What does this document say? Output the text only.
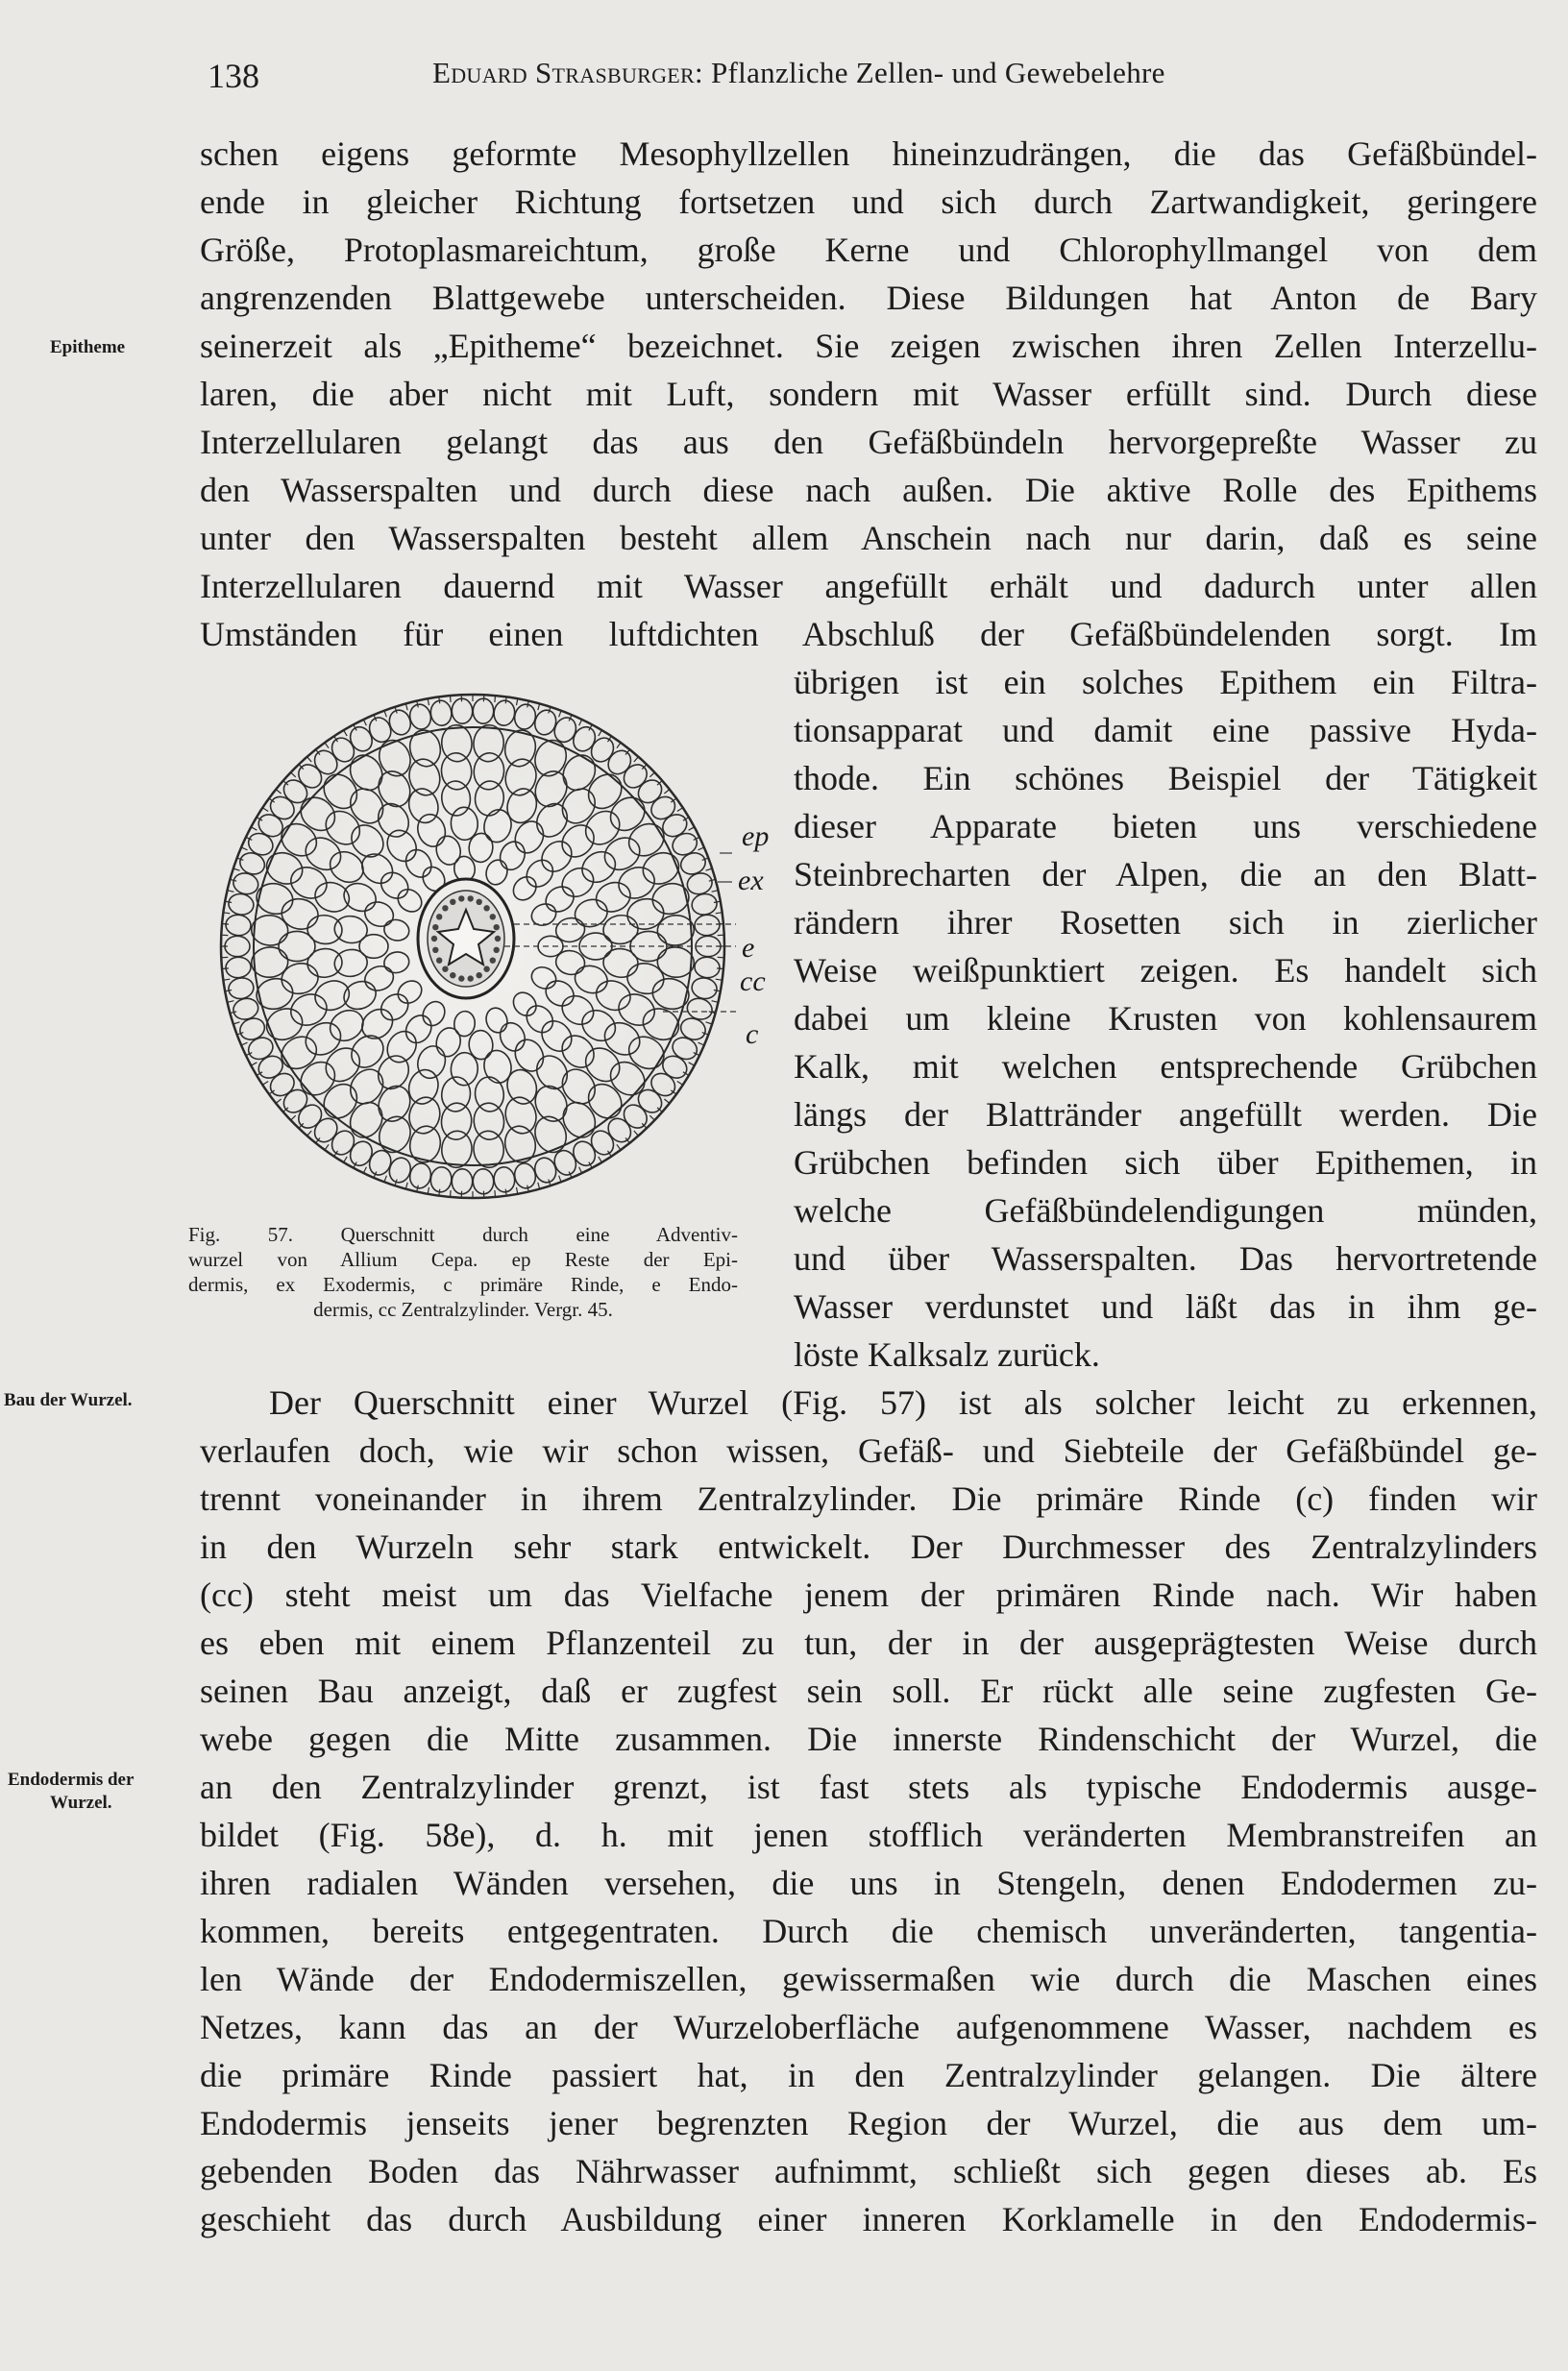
138	Eduard Strasburger: Pflanzliche Zellen- und Gewebelehre
Epitheme
Bau der Wurzel.
Endodermis der
Wurzel.
schen eigens geformte Mesophyllzellen hineinzudrängen, die das Gefäßbündel-
ende in gleicher Richtung fortsetzen und sich durch Zartwandigkeit, geringere
Größe, Protoplasmareichtum, große Kerne und Chlorophyllmangel von dem
angrenzenden Blattgewebe unterscheiden. Diese Bildungen hat Anton de Bary
seinerzeit als „Epitheme“ bezeichnet. Sie zeigen zwischen ihren Zellen Interzellu-
laren, die aber nicht mit Luft, sondern mit Wasser erfüllt sind. Durch diese
Interzellularen gelangt das aus den Gefäßbündeln hervorgepreßte Wasser zu
den Wasserspalten und durch diese nach außen. Die aktive Rolle des Epithems
unter den Wasserspalten besteht allem Anschein nach nur darin, daß es seine
Interzellularen dauernd mit Wasser angefüllt erhält und dadurch unter allen
Umständen für einen luftdichten Abschluß der Gefäßbündelenden sorgt. Im
übrigen ist ein solches Epithem ein Filtra-
tionsapparat und damit eine passive Hyda-
thode. Ein schönes Beispiel der Tätigkeit
dieser Apparate bieten uns verschiedene
Steinbrecharten der Alpen, die an den Blatt-
rändern ihrer Rosetten sich in zierlicher
Weise weißpunktiert zeigen. Es handelt sich
dabei um kleine Krusten von kohlensaurem
Kalk, mit welchen entsprechende Grübchen
längs der Blattränder angefüllt werden. Die
Grübchen befinden sich über Epithemen, in
welche Gefäßbündelendigungen münden,
und über Wasserspalten. Das hervortretende
Wasser verdunstet und läßt das in ihm ge-
löste Kalksalz zurück.
ep
ex
e
cc
c
Fig. 57. Querschnitt durch eine Adventiv-
wurzel von Allium Cepa. ep Reste der Epi-
dermis, ex Exodermis, c primäre Rinde, e Endo-
dermis, cc Zentralzylinder. Vergr. 45.
Der Querschnitt einer Wurzel (Fig. 57) ist als solcher leicht zu erkennen,
verlaufen doch, wie wir schon wissen, Gefäß- und Siebteile der Gefäßbündel ge-
trennt voneinander in ihrem Zentralzylinder. Die primäre Rinde (c) finden wir
in den Wurzeln sehr stark entwickelt. Der Durchmesser des Zentralzylinders
(cc) steht meist um das Vielfache jenem der primären Rinde nach. Wir haben
es eben mit einem Pflanzenteil zu tun, der in der ausgeprägtesten Weise durch
seinen Bau anzeigt, daß er zugfest sein soll. Er rückt alle seine zugfesten Ge-
webe gegen die Mitte zusammen. Die innerste Rindenschicht der Wurzel, die
an den Zentralzylinder grenzt, ist fast stets als typische Endodermis ausge-
bildet (Fig. 58e), d. h. mit jenen stofflich veränderten Membranstreifen an
ihren radialen Wänden versehen, die uns in Stengeln, denen Endodermen zu-
kommen, bereits entgegentraten. Durch die chemisch unveränderten, tangentia-
len Wände der Endodermiszellen, gewissermaßen wie durch die Maschen eines
Netzes, kann das an der Wurzeloberfläche aufgenommene Wasser, nachdem es
die primäre Rinde passiert hat, in den Zentralzylinder gelangen. Die ältere
Endodermis jenseits jener begrenzten Region der Wurzel, die aus dem um-
gebenden Boden das Nährwasser aufnimmt, schließt sich gegen dieses ab. Es
geschieht das durch Ausbildung einer inneren Korklamelle in den Endodermis-
